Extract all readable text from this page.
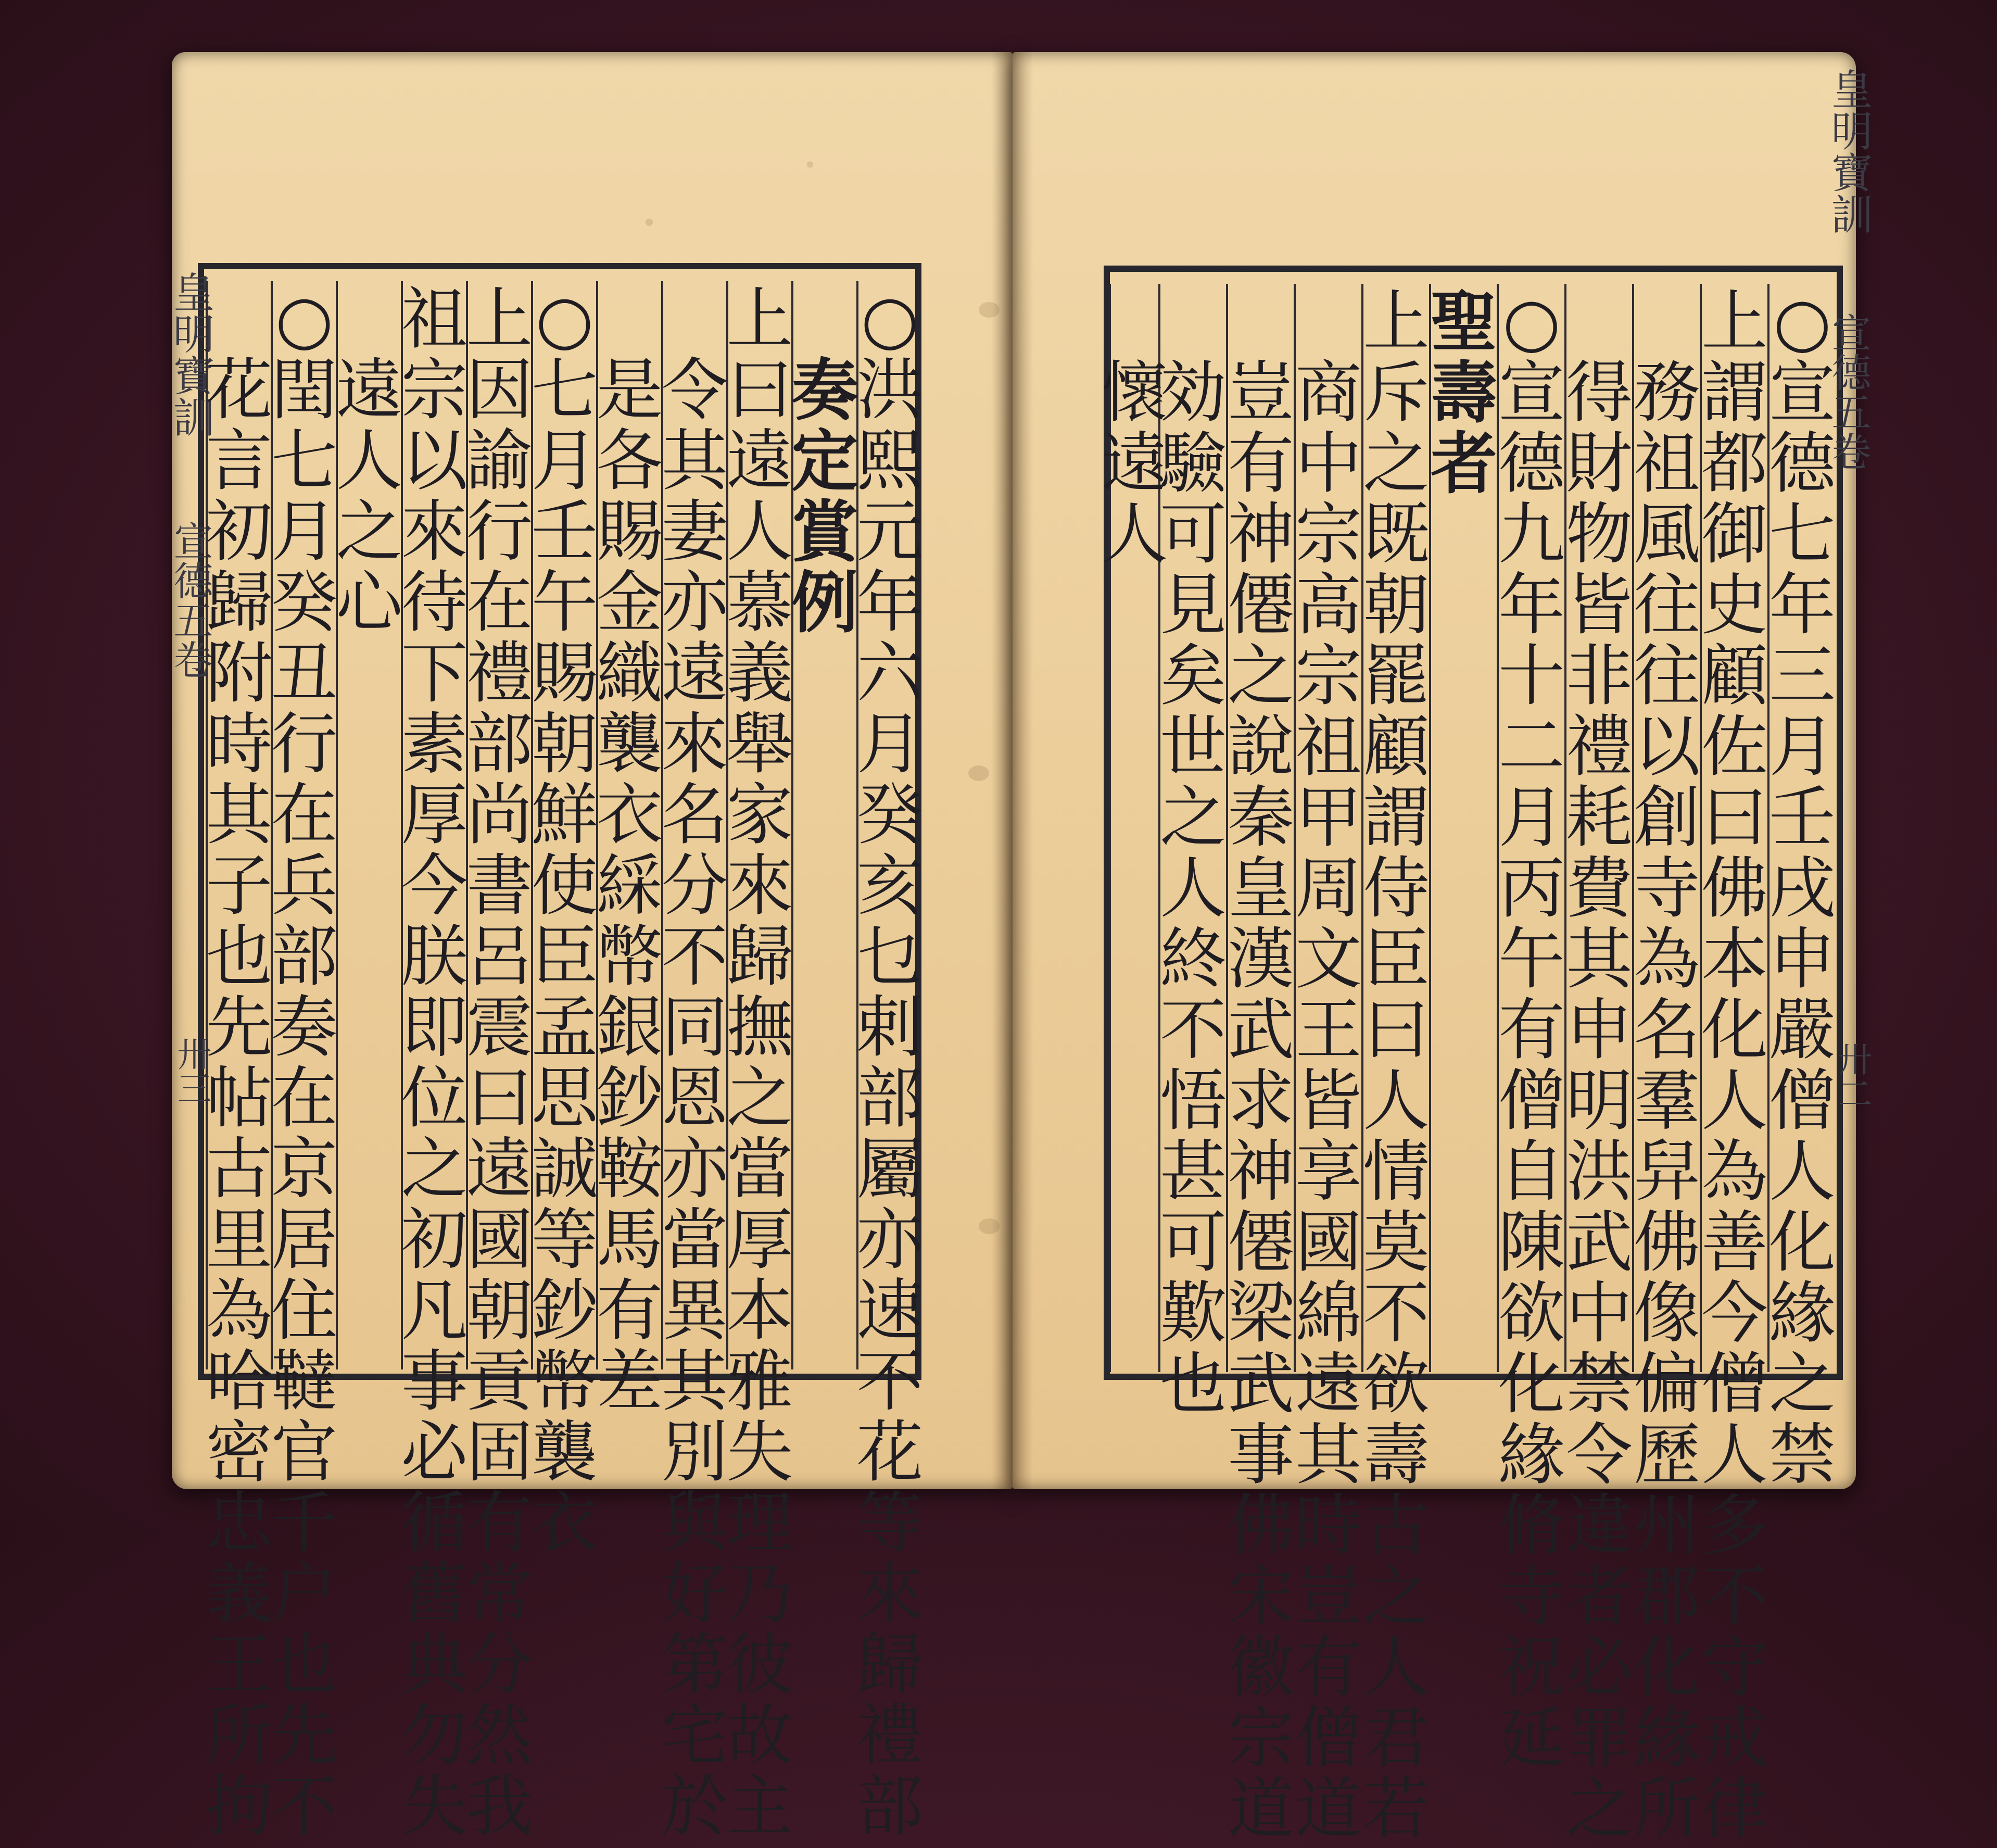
皇明寶訓
宣德五卷
卅三
○
洪
熙
元
年
六
月
癸
亥
乜
剌
部
屬
亦
速
不
花
等
來
歸
禮
部
奏
定
賞
例
上
曰
遠
人
慕
義
舉
家
來
歸
撫
之
當
厚
本
雅
失
理
乃
彼
故
主
令
其
妻
亦
遠
來
名
分
不
同
恩
亦
當
異
其
別
與
好
第
宅
於
是
各
賜
金
織
襲
衣
綵
幣
銀
鈔
鞍
馬
有
差
○
七
月
壬
午
賜
朝
鮮
使
臣
孟
思
誠
等
鈔
幣
襲
衣
上
因
諭
行
在
禮
部
尚
書
呂
震
曰
遠
國
朝
貢
固
有
常
分
然
我
祖
宗
以
來
待
下
素
厚
今
朕
即
位
之
初
凡
事
必
循
舊
典
勿
失
遠
人
之
心
○
閏
七
月
癸
丑
行
在
兵
部
奏
在
京
居
住
韃
官
千
户
也
先
不
花
言
初
歸
附
時
其
子
也
先
帖
古
里
為
哈
密
忠
義
王
所
拘
皇明寶訓
宣德五卷
卅二
○
宣
德
七
年
三
月
壬
戌
申
嚴
僧
人
化
緣
之
禁
上
謂
都
御
史
顧
佐
曰
佛
本
化
人
為
善
今
僧
人
多
不
守
戒
律
務
祖
風
往
往
以
創
寺
為
名
羣
舁
佛
像
偏
歷
州
郡
化
緣
所
得
財
物
皆
非
禮
耗
費
其
申
明
洪
武
中
禁
令
違
者
必
罪
之
○
宣
德
九
年
十
二
月
丙
午
有
僧
自
陳
欲
化
緣
脩
寺
祝
延
聖
壽
者
上
斥
之
既
朝
罷
顧
謂
侍
臣
曰
人
情
莫
不
欲
壽
古
之
人
君
若
商
中
宗
高
宗
祖
甲
周
文
王
皆
享
國
綿
遠
其
時
豈
有
僧
道
豈
有
神
僊
之
說
秦
皇
漢
武
求
神
僊
梁
武
事
佛
宋
徽
宗
道
効
驗
可
見
矣
世
之
人
終
不
悟
甚
可
歎
也
懷
遠
人
